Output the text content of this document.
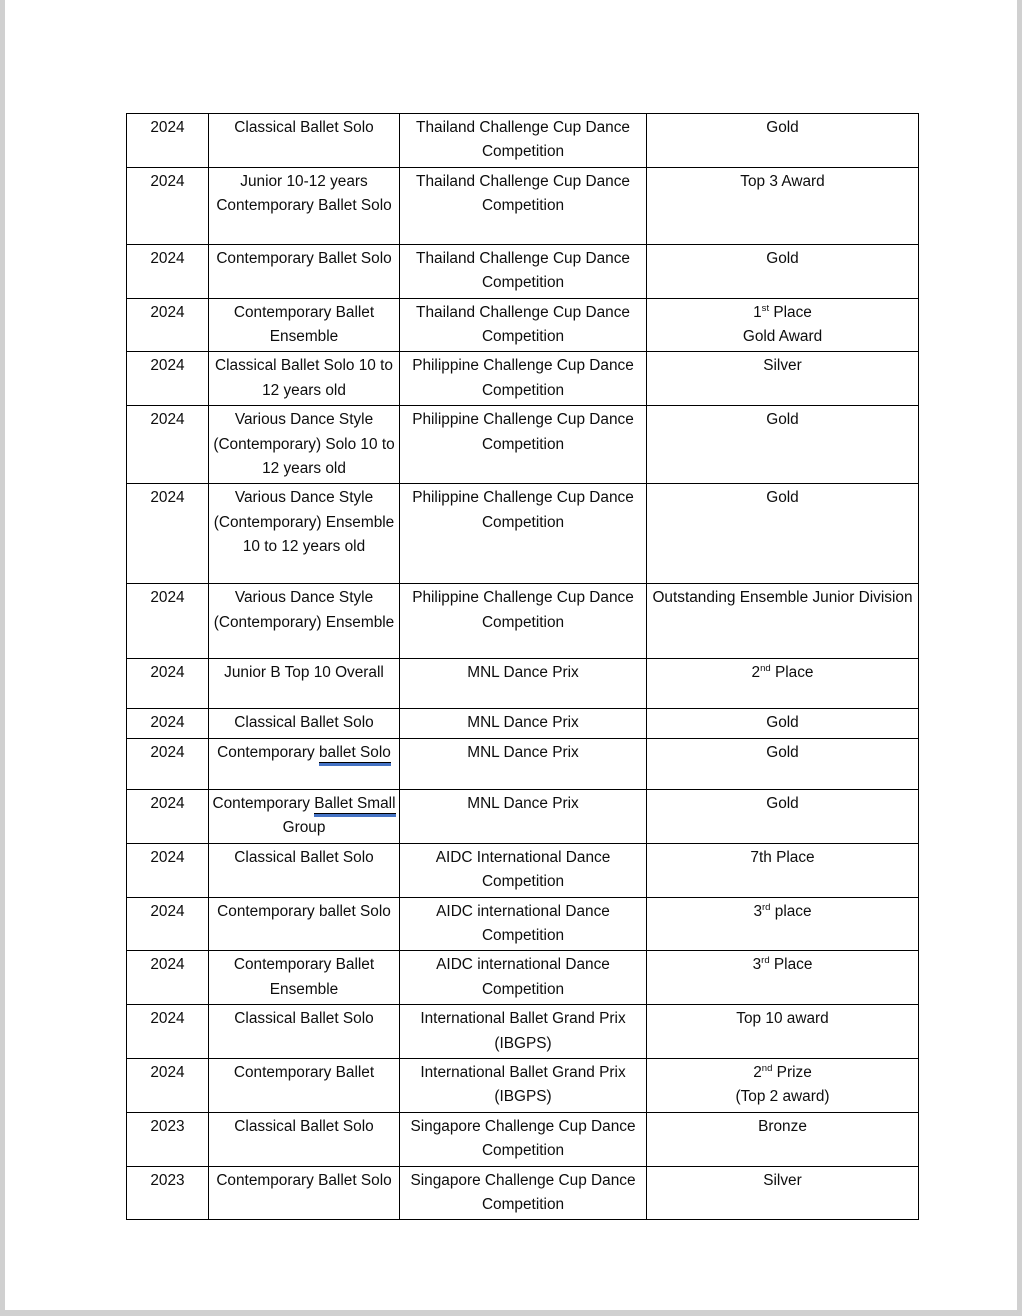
2024	Classical Ballet Solo	Thailand Challenge Cup Dance Competition	Gold

2024	Junior 10-12 years Contemporary Ballet Solo	Thailand Challenge Cup Dance Competition	Top 3 Award

2024	Contemporary Ballet Solo	Thailand Challenge Cup Dance Competition	Gold

2024	Contemporary Ballet Ensemble	Thailand Challenge Cup Dance Competition	1st Place
Gold Award

2024	Classical Ballet Solo 10 to 12 years old	Philippine Challenge Cup Dance Competition	Silver

2024	Various Dance Style (Contemporary) Solo 10 to 12 years old	Philippine Challenge Cup Dance Competition	Gold

2024	Various Dance Style (Contemporary) Ensemble 10 to 12 years old	Philippine Challenge Cup Dance Competition	Gold

2024	Various Dance Style (Contemporary) Ensemble	Philippine Challenge Cup Dance Competition	Outstanding Ensemble Junior Division

2024	Junior B Top 10 Overall	MNL Dance Prix	2nd Place

2024	Classical Ballet Solo	MNL Dance Prix	Gold

2024	Contemporary ballet Solo	MNL Dance Prix	Gold

2024	Contemporary Ballet Small Group	MNL Dance Prix	Gold

2024	Classical Ballet Solo	AIDC International Dance Competition	7th Place

2024	Contemporary ballet Solo	AIDC international Dance Competition	3rd place

2024	Contemporary Ballet Ensemble	AIDC international Dance Competition	3rd Place

2024	Classical Ballet Solo	International Ballet Grand Prix (IBGPS)	Top 10 award

2024	Contemporary Ballet	International Ballet Grand Prix (IBGPS)	2nd Prize
(Top 2 award)

2023	Classical Ballet Solo	Singapore Challenge Cup Dance Competition	Bronze

2023	Contemporary Ballet Solo	Singapore Challenge Cup Dance Competition	Silver
